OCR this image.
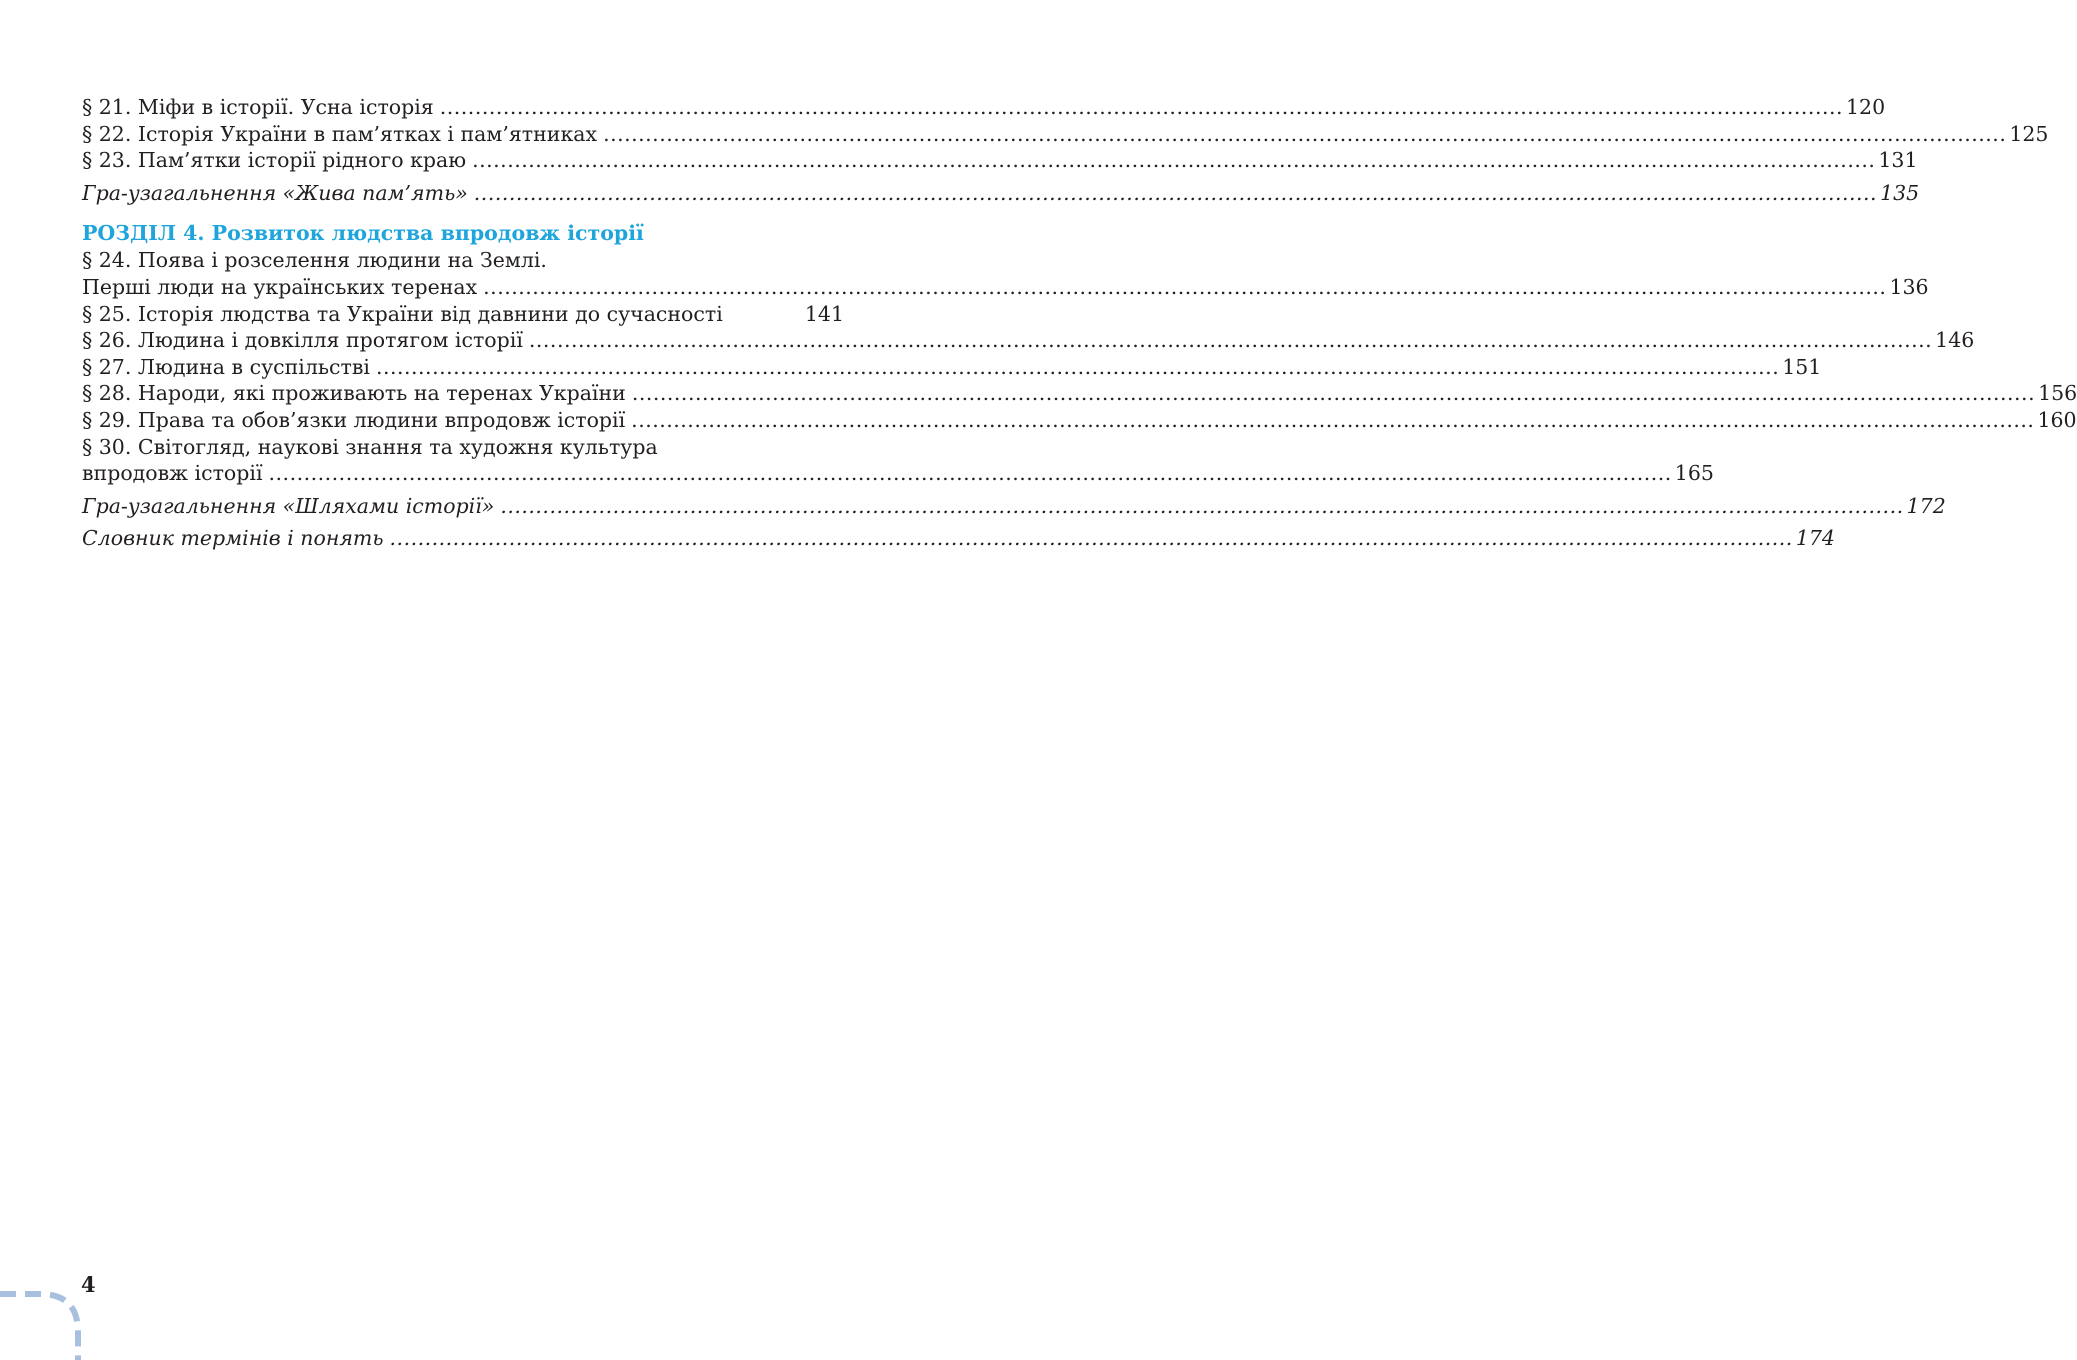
§ 21. Міфи в історії. Усна історія ........................................................................................................................................................................................................ 120
§ 22. Історія України в пам’ятках і пам’ятниках ........................................................................................................................................................................................................ 125
§ 23. Пам’ятки історії рідного краю ........................................................................................................................................................................................................ 131
Гра-узагальнення «Жива пам’ять» ........................................................................................................................................................................................................ 135
РОЗДІЛ 4. Розвиток людства впродовж історії
§ 24. Поява і розселення людини на Землі.
Перші люди на українських теренах ........................................................................................................................................................................................................ 136
§ 25. Історія людства та України від давнини до сучасності	141
§ 26. Людина і довкілля протягом історії ........................................................................................................................................................................................................ 146
§ 27. Людина в суспільстві ........................................................................................................................................................................................................ 151
§ 28. Народи, які проживають на теренах України ........................................................................................................................................................................................................ 156
§ 29. Права та обов’язки людини впродовж історії ........................................................................................................................................................................................................ 160
§ 30. Світогляд, наукові знання та художня культура
впродовж історії ........................................................................................................................................................................................................ 165
Гра-узагальнення «Шляхами історії» ........................................................................................................................................................................................................ 172
Словник термінів і понять ........................................................................................................................................................................................................ 174
4
